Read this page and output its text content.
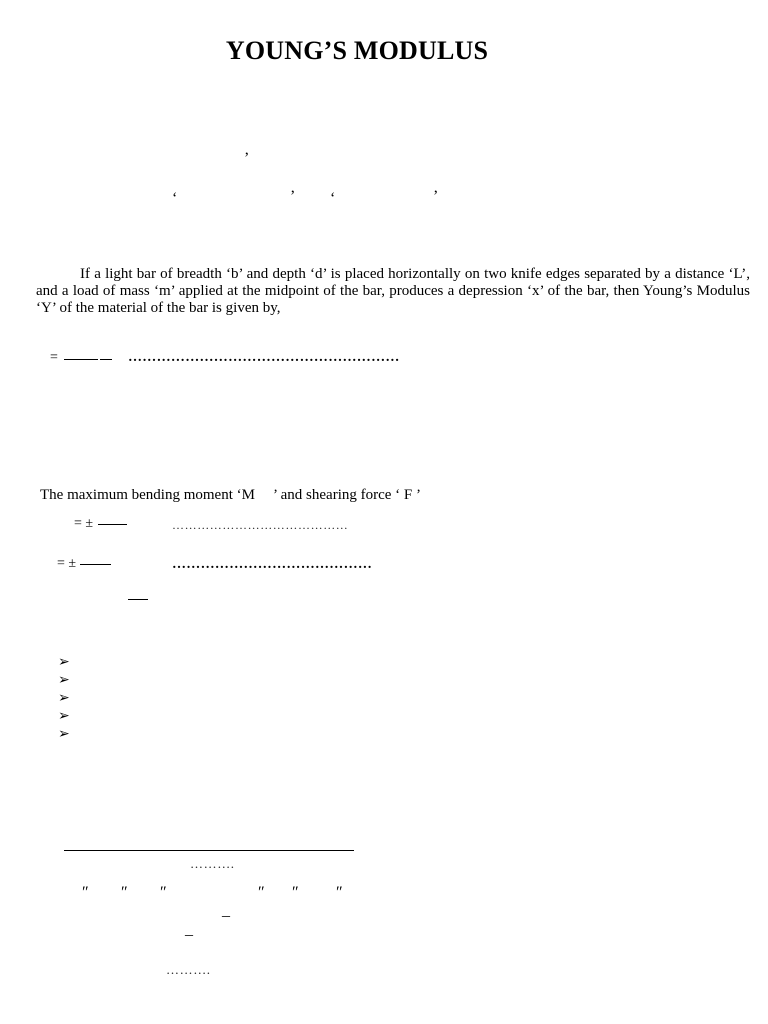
YOUNG’S MODULUS
’
‘	’ ‘	’
If a light bar of breadth ‘b’ and depth ‘d’ is placed horizontally on two knife edges separated by a distance ‘L’, and a load of mass ‘m’ applied at the midpoint of the bar, produces a depression ‘x’ of the bar, then Young’s Modulus ‘Y’ of the material of the bar is given by,
=	…………………………………………………
The maximum bending moment ‘M ’ and shearing force ‘ F ’
= ±	……………………………………
= ±	……………………………………
➢
➢
➢
➢
➢
……….
″ ″ ″	″ ″ ″
_
_
……….
